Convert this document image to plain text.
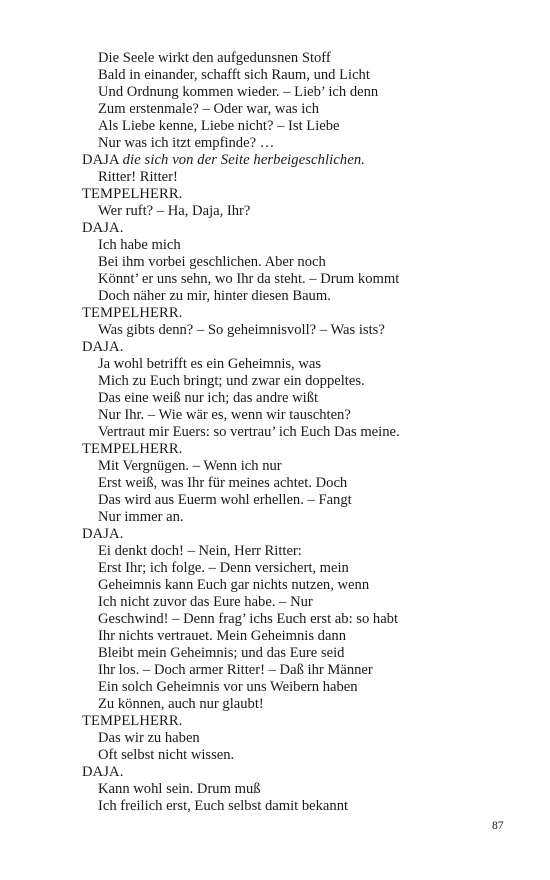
Die Seele wirkt den aufgedunsnen Stoff
Bald in einander, schafft sich Raum, und Licht
Und Ordnung kommen wieder. – Lieb’ ich denn
Zum erstenmale? – Oder war, was ich
Als Liebe kenne, Liebe nicht? – Ist Liebe
Nur was ich itzt empfinde? …
DAJA die sich von der Seite herbeigeschlichen.
Ritter! Ritter!
TEMPELHERR.
Wer ruft? – Ha, Daja, Ihr?
DAJA.
Ich habe mich
Bei ihm vorbei geschlichen. Aber noch
Könnt’ er uns sehn, wo Ihr da steht. – Drum kommt
Doch näher zu mir, hinter diesen Baum.
TEMPELHERR.
Was gibts denn? – So geheimnisvoll? – Was ists?
DAJA.
Ja wohl betrifft es ein Geheimnis, was
Mich zu Euch bringt; und zwar ein doppeltes.
Das eine weiß nur ich; das andre wißt
Nur Ihr. – Wie wär es, wenn wir tauschten?
Vertraut mir Euers: so vertrau’ ich Euch Das meine.
TEMPELHERR.
Mit Vergnügen. – Wenn ich nur
Erst weiß, was Ihr für meines achtet. Doch
Das wird aus Euerm wohl erhellen. – Fangt
Nur immer an.
DAJA.
Ei denkt doch! – Nein, Herr Ritter:
Erst Ihr; ich folge. – Denn versichert, mein
Geheimnis kann Euch gar nichts nutzen, wenn
Ich nicht zuvor das Eure habe. – Nur
Geschwind! – Denn frag’ ichs Euch erst ab: so habt
Ihr nichts vertrauet. Mein Geheimnis dann
Bleibt mein Geheimnis; und das Eure seid
Ihr los. – Doch armer Ritter! – Daß ihr Männer
Ein solch Geheimnis vor uns Weibern haben
Zu können, auch nur glaubt!
TEMPELHERR.
Das wir zu haben
Oft selbst nicht wissen.
DAJA.
Kann wohl sein. Drum muß
Ich freilich erst, Euch selbst damit bekannt
87
